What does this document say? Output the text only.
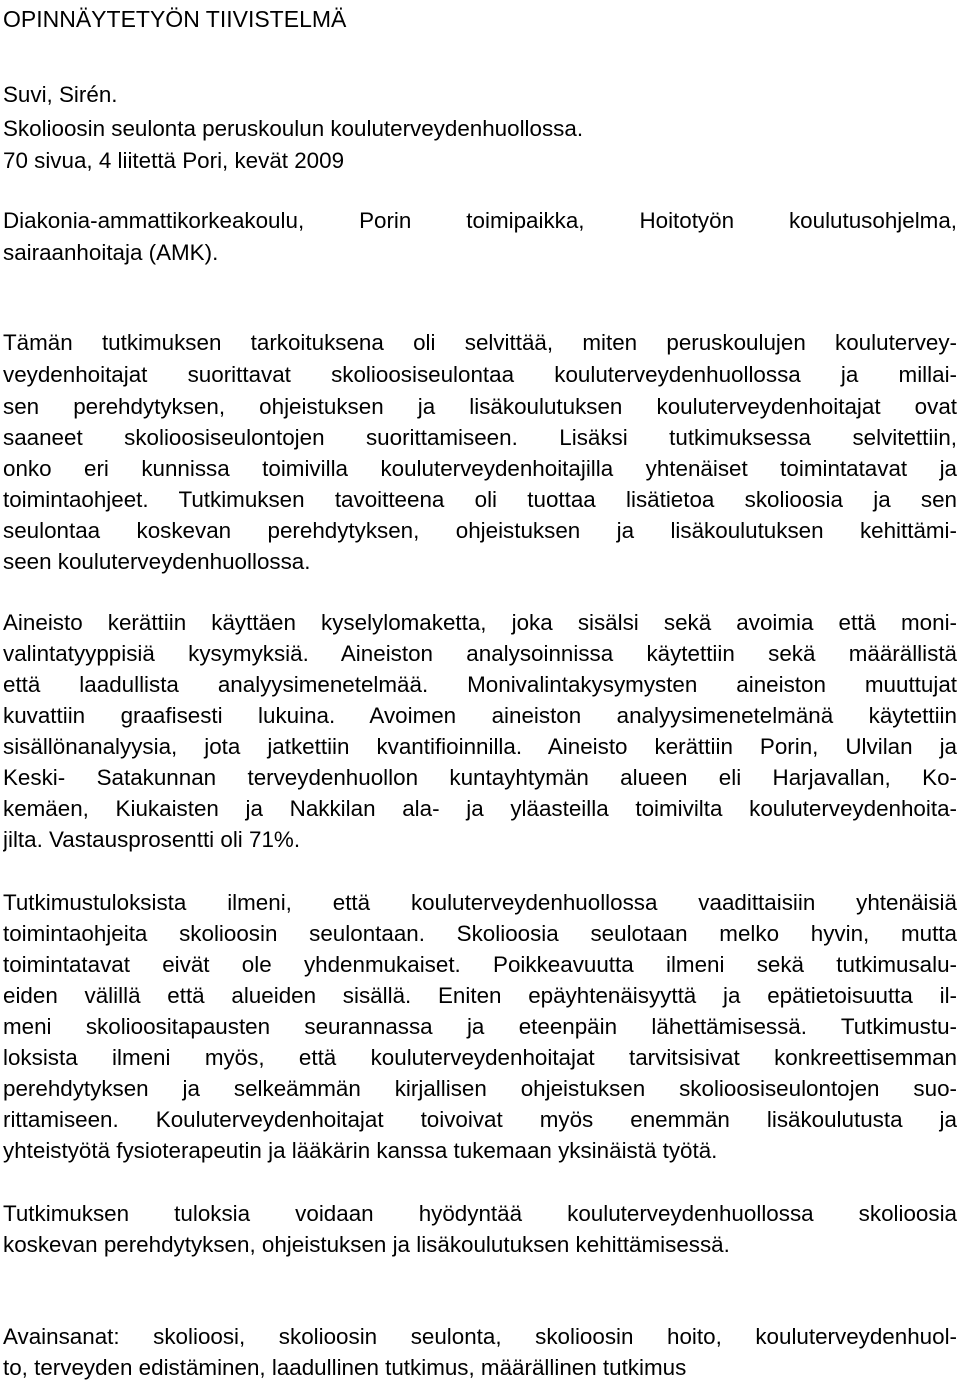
OPINNÄYTETYÖN TIIVISTELMÄ
Suvi, Sirén.
Skolioosin seulonta peruskoulun kouluterveydenhuollossa.
70 sivua, 4 liitettä Pori, kevät 2009
Diakonia-ammattikorkeakoulu, Porin toimipaikka, Hoitotyön koulutusohjelma,
sairaanhoitaja (AMK).
Tämän tutkimuksen tarkoituksena oli selvittää, miten peruskoulujen koulutervey-
veydenhoitajat suorittavat skolioosiseulontaa kouluterveydenhuollossa ja millai-
sen perehdytyksen, ohjeistuksen ja lisäkoulutuksen kouluterveydenhoitajat ovat
saaneet skolioosiseulontojen suorittamiseen. Lisäksi tutkimuksessa selvitettiin,
onko eri kunnissa toimivilla kouluterveydenhoitajilla yhtenäiset toimintatavat ja
toimintaohjeet. Tutkimuksen tavoitteena oli tuottaa lisätietoa skolioosia ja sen
seulontaa koskevan perehdytyksen, ohjeistuksen ja lisäkoulutuksen kehittämi-
seen kouluterveydenhuollossa.
Aineisto kerättiin käyttäen kyselylomaketta, joka sisälsi sekä avoimia että moni-
valintatyyppisiä kysymyksiä. Aineiston analysoinnissa käytettiin sekä määrällistä
että laadullista analyysimenetelmää. Monivalintakysymysten aineiston muuttujat
kuvattiin graafisesti lukuina. Avoimen aineiston analyysimenetelmänä käytettiin
sisällönanalyysia, jota jatkettiin kvantifioinnilla. Aineisto kerättiin Porin, Ulvilan ja
Keski- Satakunnan terveydenhuollon kuntayhtymän alueen eli Harjavallan, Ko-
kemäen, Kiukaisten ja Nakkilan ala- ja yläasteilla toimivilta kouluterveydenhoita-
jilta. Vastausprosentti oli 71%.
Tutkimustuloksista ilmeni, että kouluterveydenhuollossa vaadittaisiin yhtenäisiä
toimintaohjeita skolioosin seulontaan. Skolioosia seulotaan melko hyvin, mutta
toimintatavat eivät ole yhdenmukaiset. Poikkeavuutta ilmeni sekä tutkimusalu-
eiden välillä että alueiden sisällä. Eniten epäyhtenäisyyttä ja epätietoisuutta il-
meni skolioositapausten seurannassa ja eteenpäin lähettämisessä. Tutkimustu-
loksista ilmeni myös, että kouluterveydenhoitajat tarvitsisivat konkreettisemman
perehdytyksen ja selkeämmän kirjallisen ohjeistuksen skolioosiseulontojen suo-
rittamiseen. Kouluterveydenhoitajat toivoivat myös enemmän lisäkoulutusta ja
yhteistyötä fysioterapeutin ja lääkärin kanssa tukemaan yksinäistä työtä.
Tutkimuksen tuloksia voidaan hyödyntää kouluterveydenhuollossa skolioosia
koskevan perehdytyksen, ohjeistuksen ja lisäkoulutuksen kehittämisessä.
Avainsanat: skolioosi, skolioosin seulonta, skolioosin hoito, kouluterveydenhuol-
to, terveyden edistäminen, laadullinen tutkimus, määrällinen tutkimus
